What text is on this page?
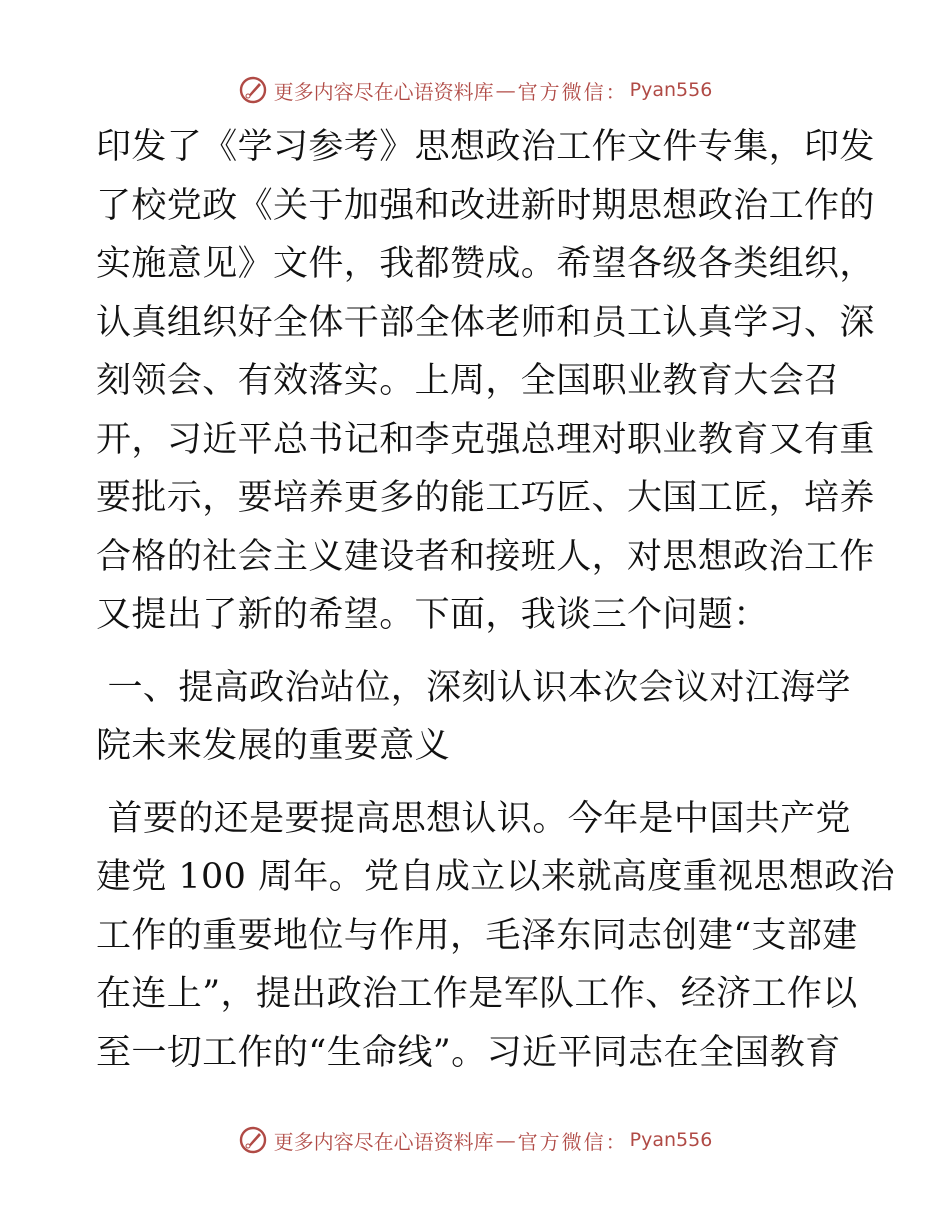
更多内容尽在心语资料库 — 官方微信： Pyan556
印发了《学习参考》思想政治工作文件专集，印发
了校党政《关于加强和改进新时期思想政治工作的
实施意见》文件，我都赞成。希望各级各类组织，
认真组织好全体干部全体老师和员工认真学习、深
刻领会、有效落实。上周，全国职业教育大会召
开，习近平总书记和李克强总理对职业教育又有重
要批示，要培养更多的能工巧匠、大国工匠，培养
合格的社会主义建设者和接班人，对思想政治工作
又提出了新的希望。下面，我谈三个问题：
一、提高政治站位，深刻认识本次会议对江海学
院未来发展的重要意义
首要的还是要提高思想认识。今年是中国共产党
建党 100 周年。党自成立以来就高度重视思想政治
工作的重要地位与作用，毛泽东同志创建“支部建
在连上”，提出政治工作是军队工作、经济工作以
至一切工作的“生命线”。习近平同志在全国教育
更多内容尽在心语资料库 — 官方微信： Pyan556
